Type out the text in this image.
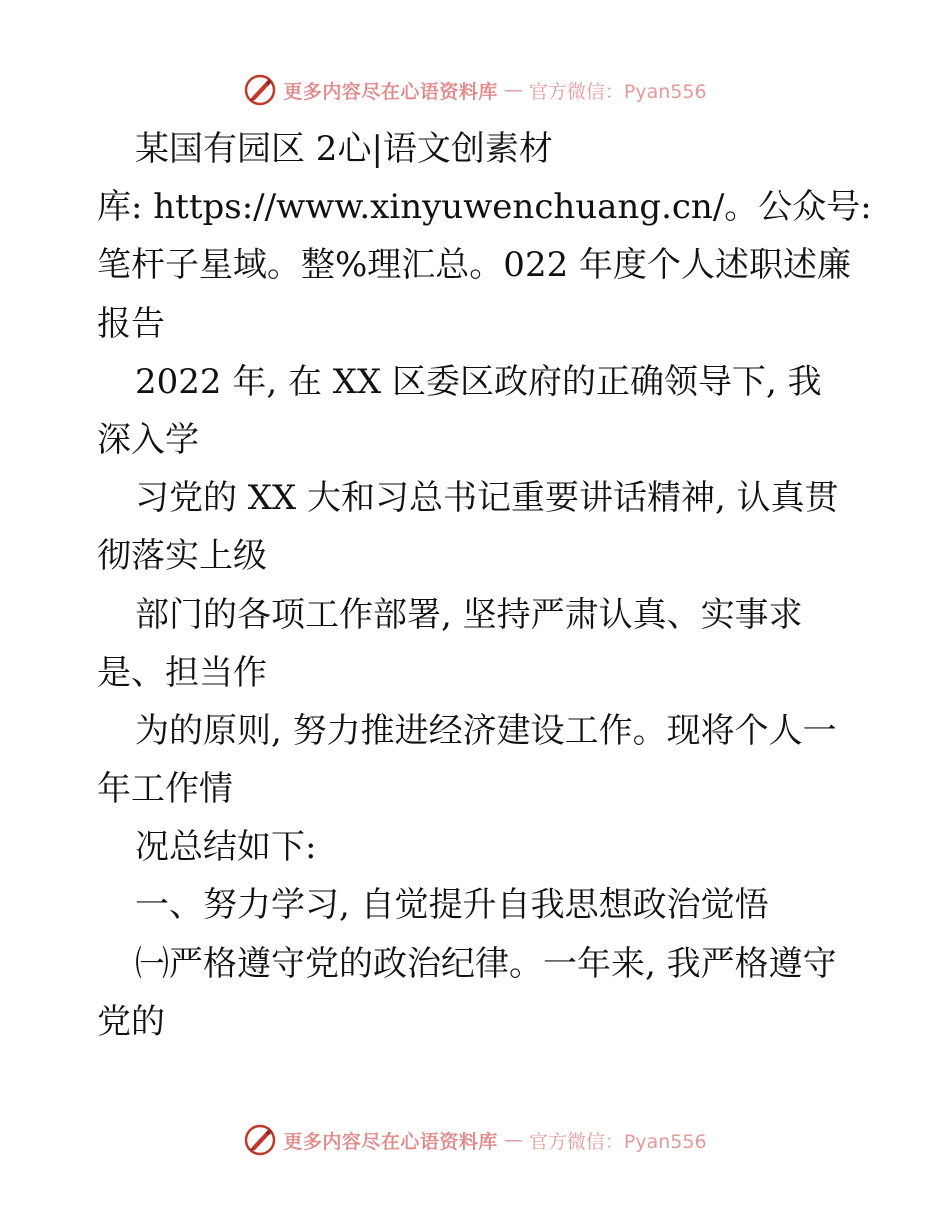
更多内容尽在心语资料库 — 官方微信：Pyan556
某国有园区 2心|语文创素材
库: https://www.xinyuwenchuang.cn/。公众号:
笔杆子星域。整%理汇总。022 年度个人述职述廉
报告
2022 年, 在 XX 区委区政府的正确领导下, 我
深入学
习党的 XX 大和习总书记重要讲话精神, 认真贯
彻落实上级
部门的各项工作部署, 坚持严肃认真、实事求
是、担当作
为的原则, 努力推进经济建设工作。现将个人一
年工作情
况总结如下:
一、努力学习, 自觉提升自我思想政治觉悟
㈠严格遵守党的政治纪律。一年来, 我严格遵守
党的
更多内容尽在心语资料库 — 官方微信：Pyan556
